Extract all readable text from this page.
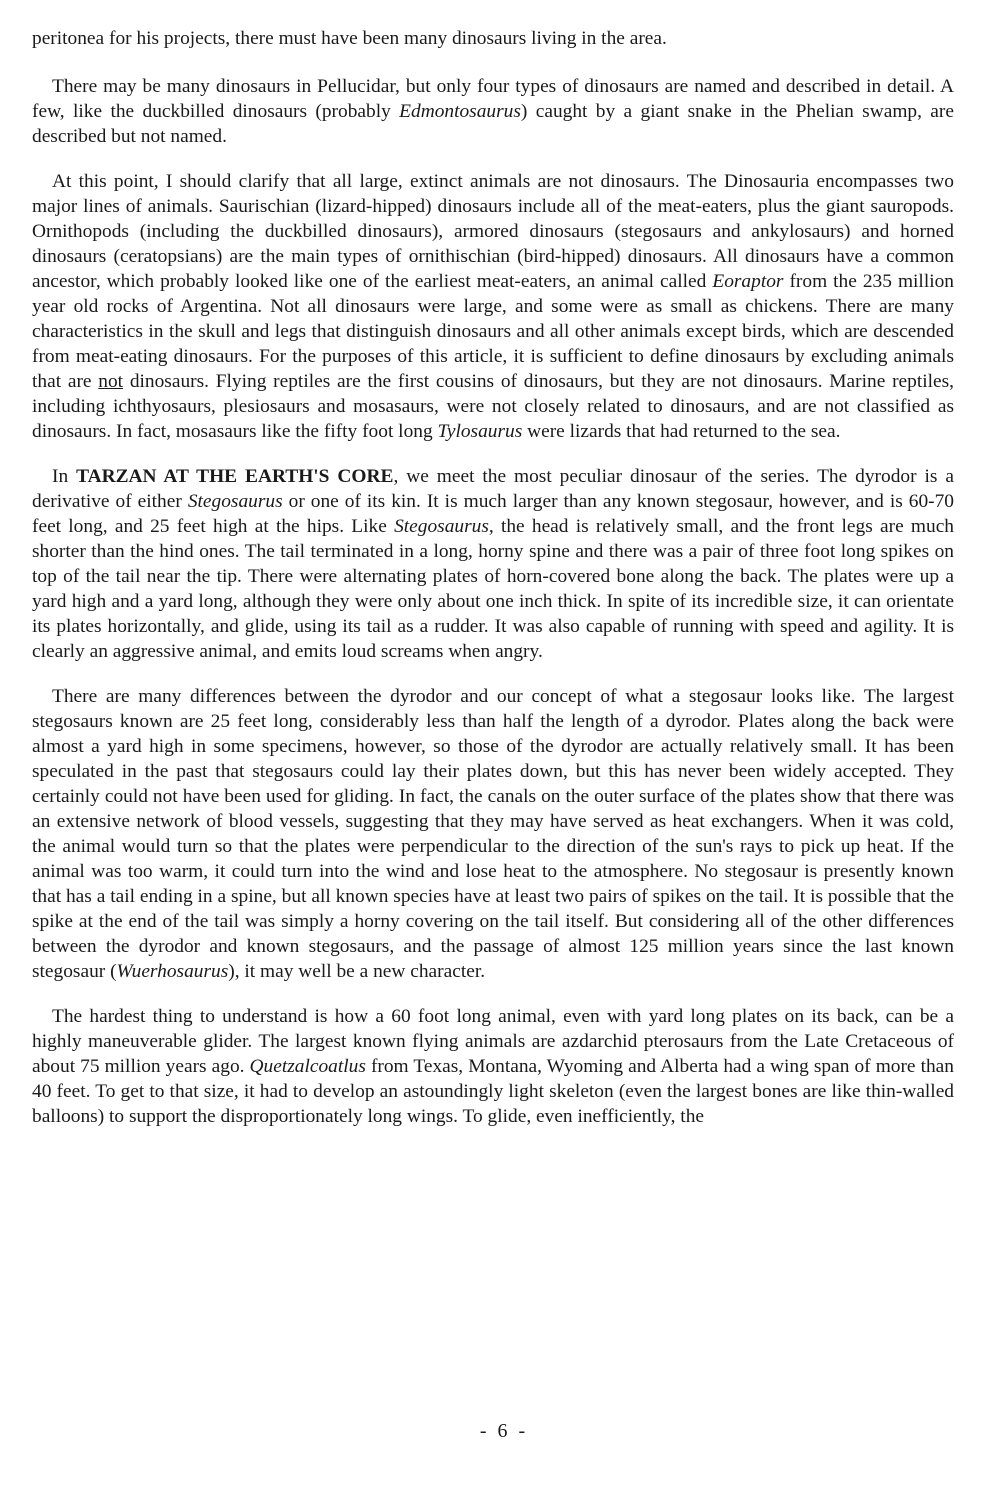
peritonea for his projects, there must have been many dinosaurs living in the area.

There may be many dinosaurs in Pellucidar, but only four types of dinosaurs are named and described in detail. A few, like the duckbilled dinosaurs (probably Edmontosaurus) caught by a giant snake in the Phelian swamp, are described but not named.

At this point, I should clarify that all large, extinct animals are not dinosaurs. The Dinosauria encompasses two major lines of animals. Saurischian (lizard-hipped) dinosaurs include all of the meat-eaters, plus the giant sauropods. Ornithopods (including the duckbilled dinosaurs), armored dinosaurs (stegosaurs and ankylosaurs) and horned dinosaurs (ceratopsians) are the main types of ornithischian (bird-hipped) dinosaurs. All dinosaurs have a common ancestor, which probably looked like one of the earliest meat-eaters, an animal called Eoraptor from the 235 million year old rocks of Argentina. Not all dinosaurs were large, and some were as small as chickens. There are many characteristics in the skull and legs that distinguish dinosaurs and all other animals except birds, which are descended from meat-eating dinosaurs. For the purposes of this article, it is sufficient to define dinosaurs by excluding animals that are not dinosaurs. Flying reptiles are the first cousins of dinosaurs, but they are not dinosaurs. Marine reptiles, including ichthyosaurs, plesiosaurs and mosasaurs, were not closely related to dinosaurs, and are not classified as dinosaurs. In fact, mosasaurs like the fifty foot long Tylosaurus were lizards that had returned to the sea.

In TARZAN AT THE EARTH'S CORE, we meet the most peculiar dinosaur of the series. The dyrodor is a derivative of either Stegosaurus or one of its kin. It is much larger than any known stegosaur, however, and is 60-70 feet long, and 25 feet high at the hips. Like Stegosaurus, the head is relatively small, and the front legs are much shorter than the hind ones. The tail terminated in a long, horny spine and there was a pair of three foot long spikes on top of the tail near the tip. There were alternating plates of horn-covered bone along the back. The plates were up a yard high and a yard long, although they were only about one inch thick. In spite of its incredible size, it can orientate its plates horizontally, and glide, using its tail as a rudder. It was also capable of running with speed and agility. It is clearly an aggressive animal, and emits loud screams when angry.

There are many differences between the dyrodor and our concept of what a stegosaur looks like. The largest stegosaurs known are 25 feet long, considerably less than half the length of a dyrodor. Plates along the back were almost a yard high in some specimens, however, so those of the dyrodor are actually relatively small. It has been speculated in the past that stegosaurs could lay their plates down, but this has never been widely accepted. They certainly could not have been used for gliding. In fact, the canals on the outer surface of the plates show that there was an extensive network of blood vessels, suggesting that they may have served as heat exchangers. When it was cold, the animal would turn so that the plates were perpendicular to the direction of the sun's rays to pick up heat. If the animal was too warm, it could turn into the wind and lose heat to the atmosphere. No stegosaur is presently known that has a tail ending in a spine, but all known species have at least two pairs of spikes on the tail. It is possible that the spike at the end of the tail was simply a horny covering on the tail itself. But considering all of the other differences between the dyrodor and known stegosaurs, and the passage of almost 125 million years since the last known stegosaur (Wuerhosaurus), it may well be a new character.

The hardest thing to understand is how a 60 foot long animal, even with yard long plates on its back, can be a highly maneuverable glider. The largest known flying animals are azdarchid pterosaurs from the Late Cretaceous of about 75 million years ago. Quetzalcoatlus from Texas, Montana, Wyoming and Alberta had a wing span of more than 40 feet. To get to that size, it had to develop an astoundingly light skeleton (even the largest bones are like thin-walled balloons) to support the disproportionately long wings. To glide, even inefficiently, the

- 6 -
